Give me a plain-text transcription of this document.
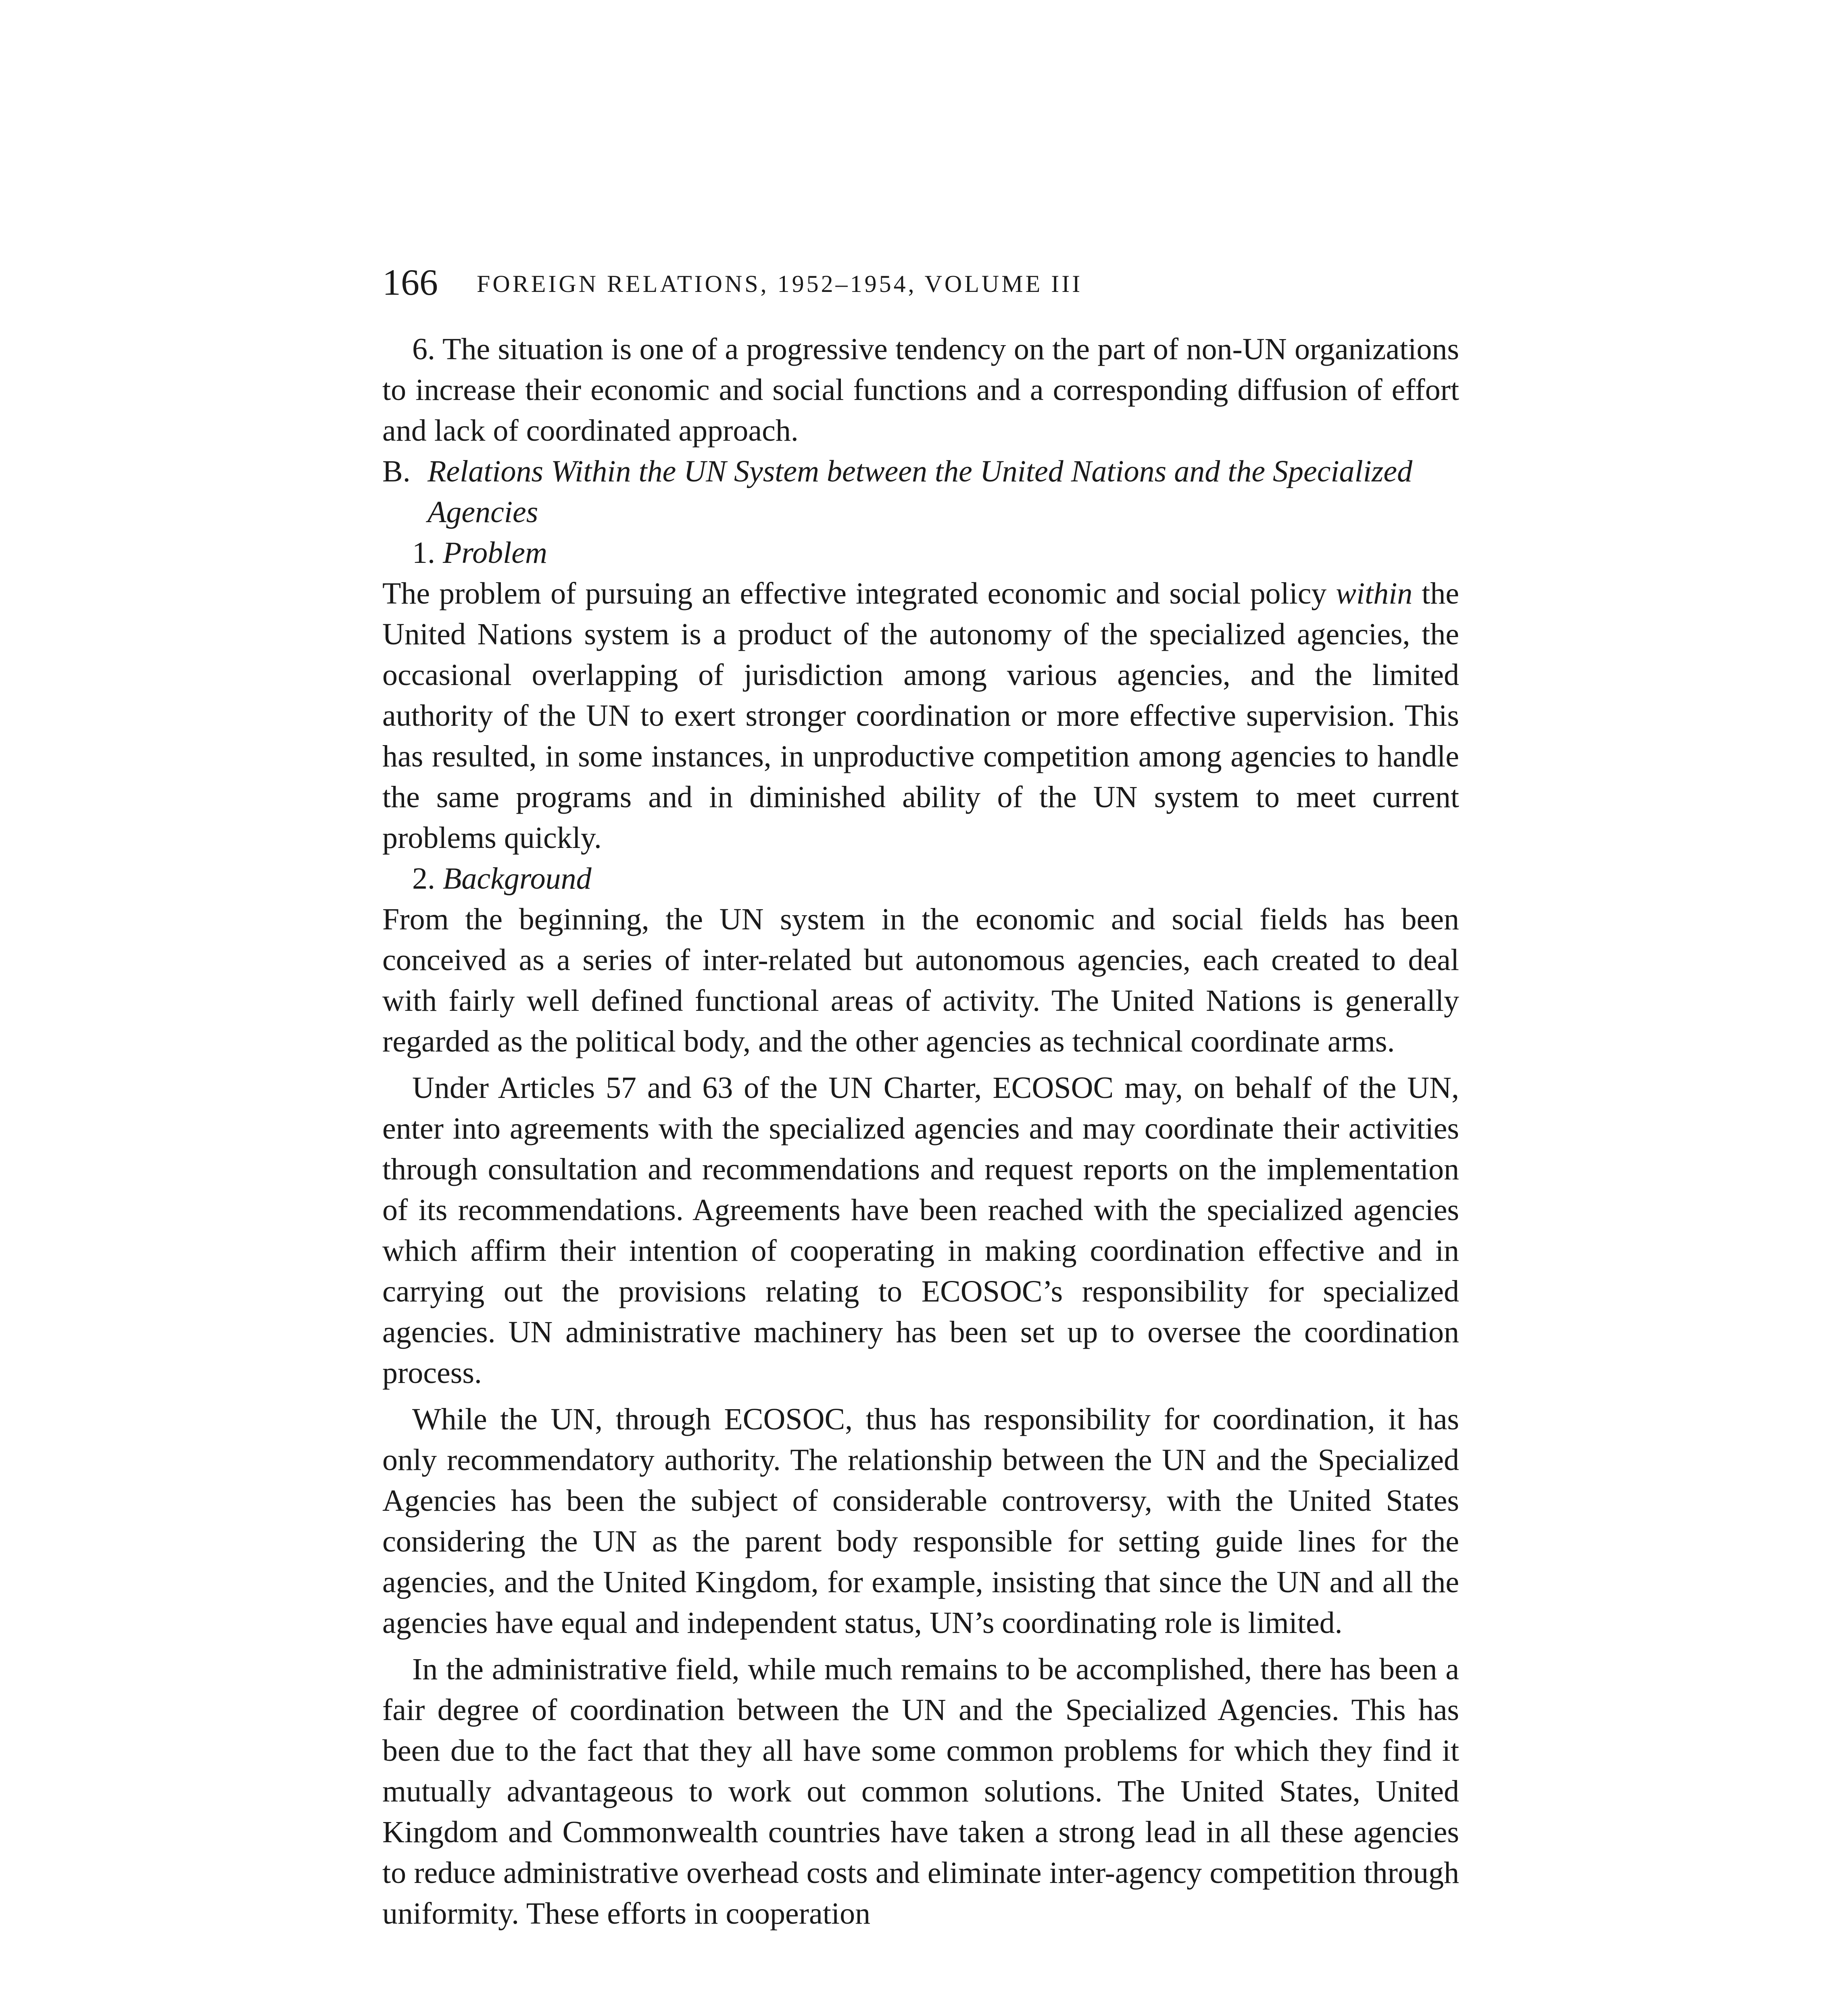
166 FOREIGN RELATIONS, 1952–1954, VOLUME III

6. The situation is one of a progressive tendency on the part of non-UN organizations to increase their economic and social functions and a corresponding diffusion of effort and lack of coordinated approach.

B. Relations Within the UN System between the United Nations and the Specialized Agencies

1. Problem

The problem of pursuing an effective integrated economic and social policy within the United Nations system is a product of the autonomy of the specialized agencies, the occasional overlapping of jurisdiction among various agencies, and the limited authority of the UN to exert stronger coordination or more effective supervision. This has resulted, in some instances, in unproductive competition among agencies to handle the same programs and in diminished ability of the UN system to meet current problems quickly.

2. Background

From the beginning, the UN system in the economic and social fields has been conceived as a series of inter-related but autonomous agencies, each created to deal with fairly well defined functional areas of activity. The United Nations is generally regarded as the political body, and the other agencies as technical coordinate arms.

Under Articles 57 and 63 of the UN Charter, ECOSOC may, on behalf of the UN, enter into agreements with the specialized agencies and may coordinate their activities through consultation and recommendations and request reports on the implementation of its recommendations. Agreements have been reached with the specialized agencies which affirm their intention of cooperating in making coordination effective and in carrying out the provisions relating to ECOSOC’s responsibility for specialized agencies. UN administrative machinery has been set up to oversee the coordination process.

While the UN, through ECOSOC, thus has responsibility for coordination, it has only recommendatory authority. The relationship between the UN and the Specialized Agencies has been the subject of considerable controversy, with the United States considering the UN as the parent body responsible for setting guide lines for the agencies, and the United Kingdom, for example, insisting that since the UN and all the agencies have equal and independent status, UN’s coordinating role is limited.

In the administrative field, while much remains to be accomplished, there has been a fair degree of coordination between the UN and the Specialized Agencies. This has been due to the fact that they all have some common problems for which they find it mutually advantageous to work out common solutions. The United States, United Kingdom and Commonwealth countries have taken a strong lead in all these agencies to reduce administrative overhead costs and eliminate inter-agency competition through uniformity. These efforts in cooperation
